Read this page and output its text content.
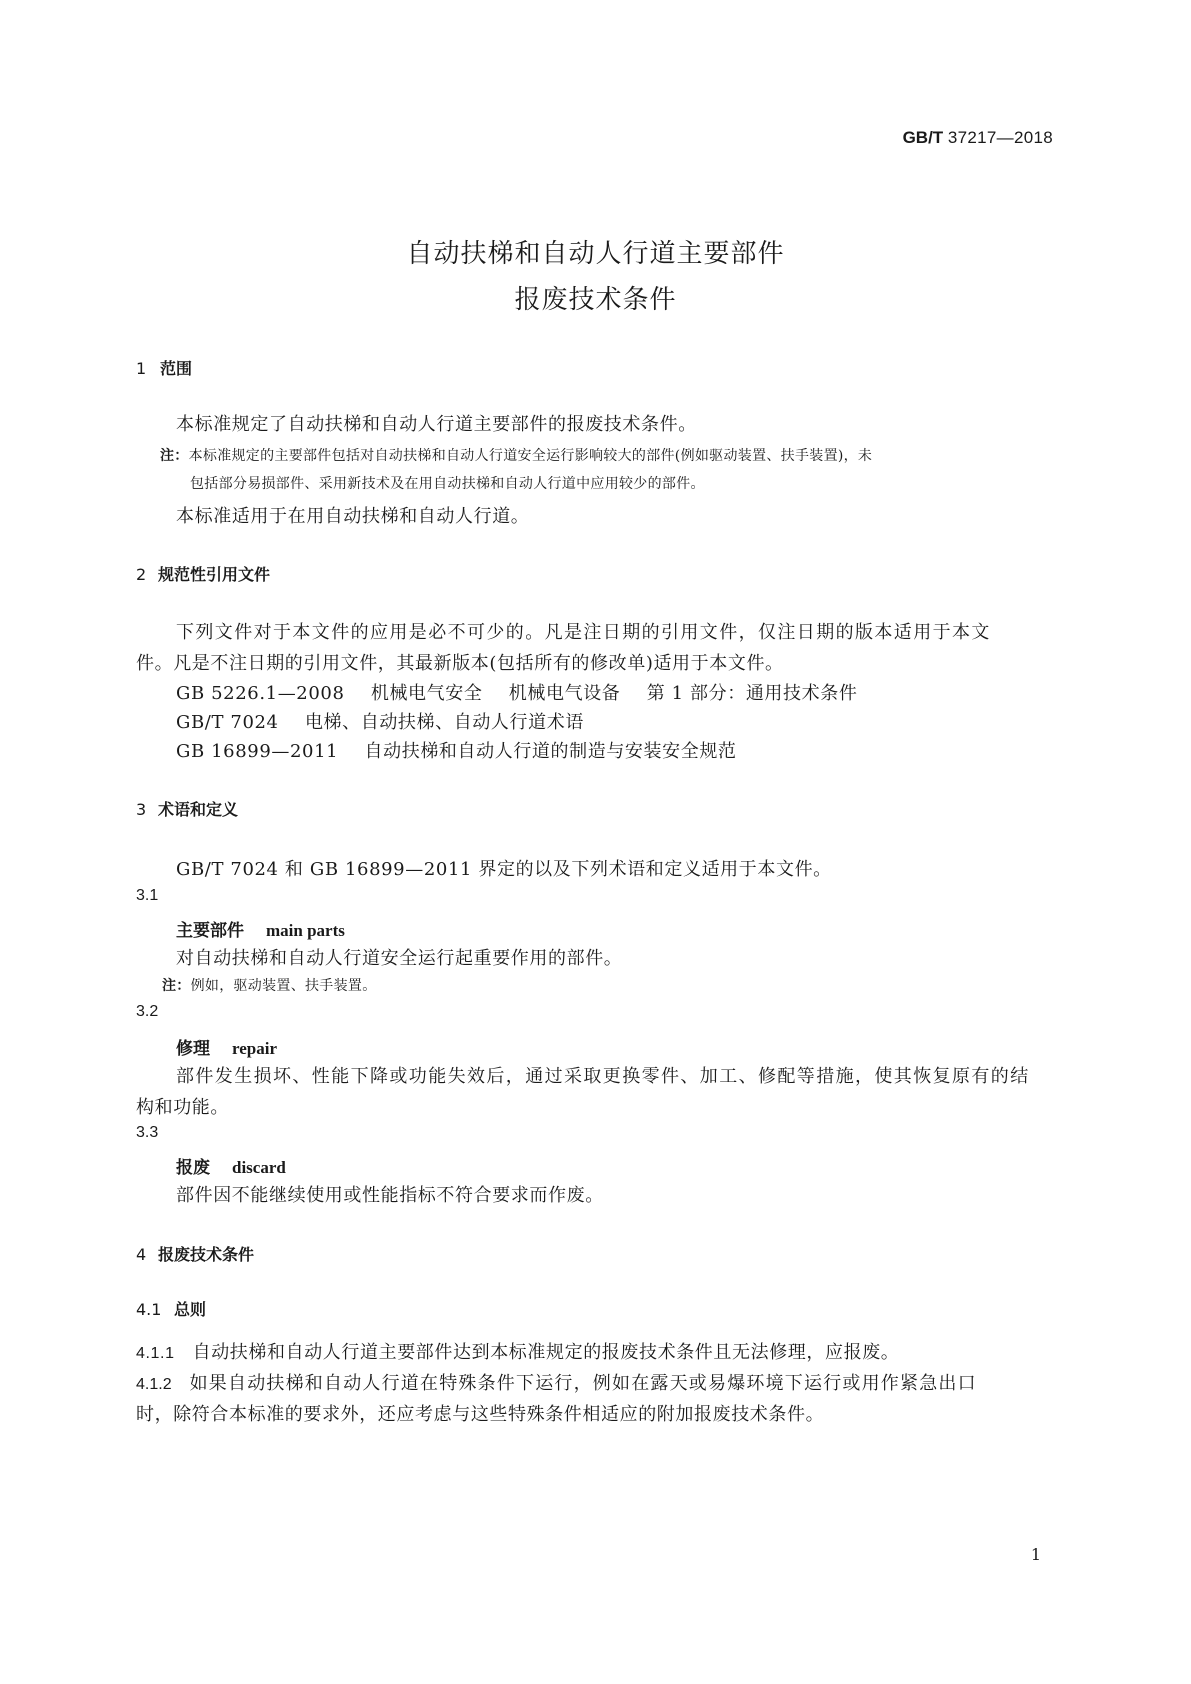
GB/T 37217—2018
自动扶梯和自动人行道主要部件
报废技术条件
1 范围
本标准规定了自动扶梯和自动人行道主要部件的报废技术条件。
注：本标准规定的主要部件包括对自动扶梯和自动人行道安全运行影响较大的部件(例如驱动装置、扶手装置)，未
包括部分易损部件、采用新技术及在用自动扶梯和自动人行道中应用较少的部件。
本标准适用于在用自动扶梯和自动人行道。
2 规范性引用文件
下列文件对于本文件的应用是必不可少的。凡是注日期的引用文件，仅注日期的版本适用于本文
件。凡是不注日期的引用文件，其最新版本(包括所有的修改单)适用于本文件。
GB 5226.1—2008 机械电气安全 机械电气设备 第 1 部分：通用技术条件
GB/T 7024 电梯、自动扶梯、自动人行道术语
GB 16899—2011 自动扶梯和自动人行道的制造与安装安全规范
3 术语和定义
GB/T 7024 和 GB 16899—2011 界定的以及下列术语和定义适用于本文件。
3.1
主要部件 main parts
对自动扶梯和自动人行道安全运行起重要作用的部件。
注：例如，驱动装置、扶手装置。
3.2
修理 repair
部件发生损坏、性能下降或功能失效后，通过采取更换零件、加工、修配等措施，使其恢复原有的结
构和功能。
3.3
报废 discard
部件因不能继续使用或性能指标不符合要求而作废。
4 报废技术条件
4.1 总则
4.1.1 自动扶梯和自动人行道主要部件达到本标准规定的报废技术条件且无法修理，应报废。
4.1.2 如果自动扶梯和自动人行道在特殊条件下运行，例如在露天或易爆环境下运行或用作紧急出口
时，除符合本标准的要求外，还应考虑与这些特殊条件相适应的附加报废技术条件。
1
